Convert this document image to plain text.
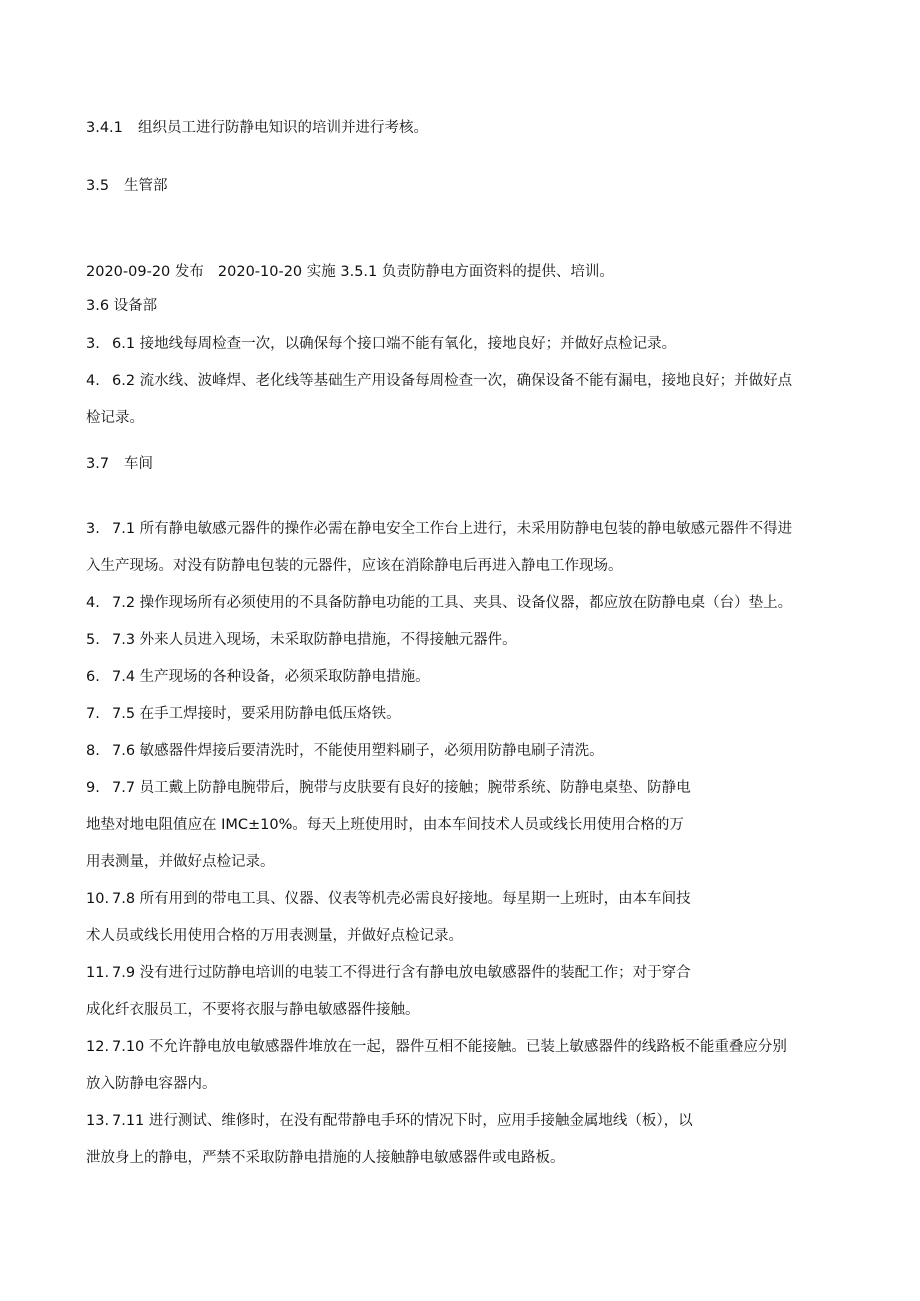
3.4.1 组织员工进行防静电知识的培训并进行考核。
3.5 生管部
2020-09-20 发布 2020-10-20 实施 3.5.1 负责防静电方面资料的提供、培训。
3.6 设备部
3. 6.1 接地线每周检查一次，以确保每个接口端不能有氧化，接地良好；并做好点检记录。
4. 6.2 流水线、波峰焊、老化线等基础生产用设备每周检查一次，确保设备不能有漏电，接地良好；并做好点
检记录。
3.7 车间
3. 7.1 所有静电敏感元器件的操作必需在静电安全工作台上进行，未采用防静电包装的静电敏感元器件不得进
入生产现场。对没有防静电包装的元器件，应该在消除静电后再进入静电工作现场。
4. 7.2 操作现场所有必须使用的不具备防静电功能的工具、夹具、设备仪器，都应放在防静电桌（台）垫上。
5. 7.3 外来人员进入现场，未采取防静电措施，不得接触元器件。
6. 7.4 生产现场的各种设备，必须采取防静电措施。
7. 7.5 在手工焊接时，要采用防静电低压烙铁。
8. 7.6 敏感器件焊接后要清洗时，不能使用塑料刷子，必须用防静电刷子清洗。
9. 7.7 员工戴上防静电腕带后，腕带与皮肤要有良好的接触；腕带系统、防静电桌垫、防静电
地垫对地电阻值应在 IMC±10%。每天上班使用时，由本车间技术人员或线长用使用合格的万
用表测量，并做好点检记录。
10. 7.8 所有用到的带电工具、仪器、仪表等机壳必需良好接地。每星期一上班时，由本车间技
术人员或线长用使用合格的万用表测量，并做好点检记录。
11. 7.9 没有进行过防静电培训的电装工不得进行含有静电放电敏感器件的装配工作；对于穿合
成化纤衣服员工，不要将衣服与静电敏感器件接触。
12. 7.10 不允许静电放电敏感器件堆放在一起，器件互相不能接触。已装上敏感器件的线路板不能重叠应分别
放入防静电容器内。
13. 7.11 进行测试、维修时，在没有配带静电手环的情况下时，应用手接触金属地线（板），以
泄放身上的静电，严禁不采取防静电措施的人接触静电敏感器件或电路板。
